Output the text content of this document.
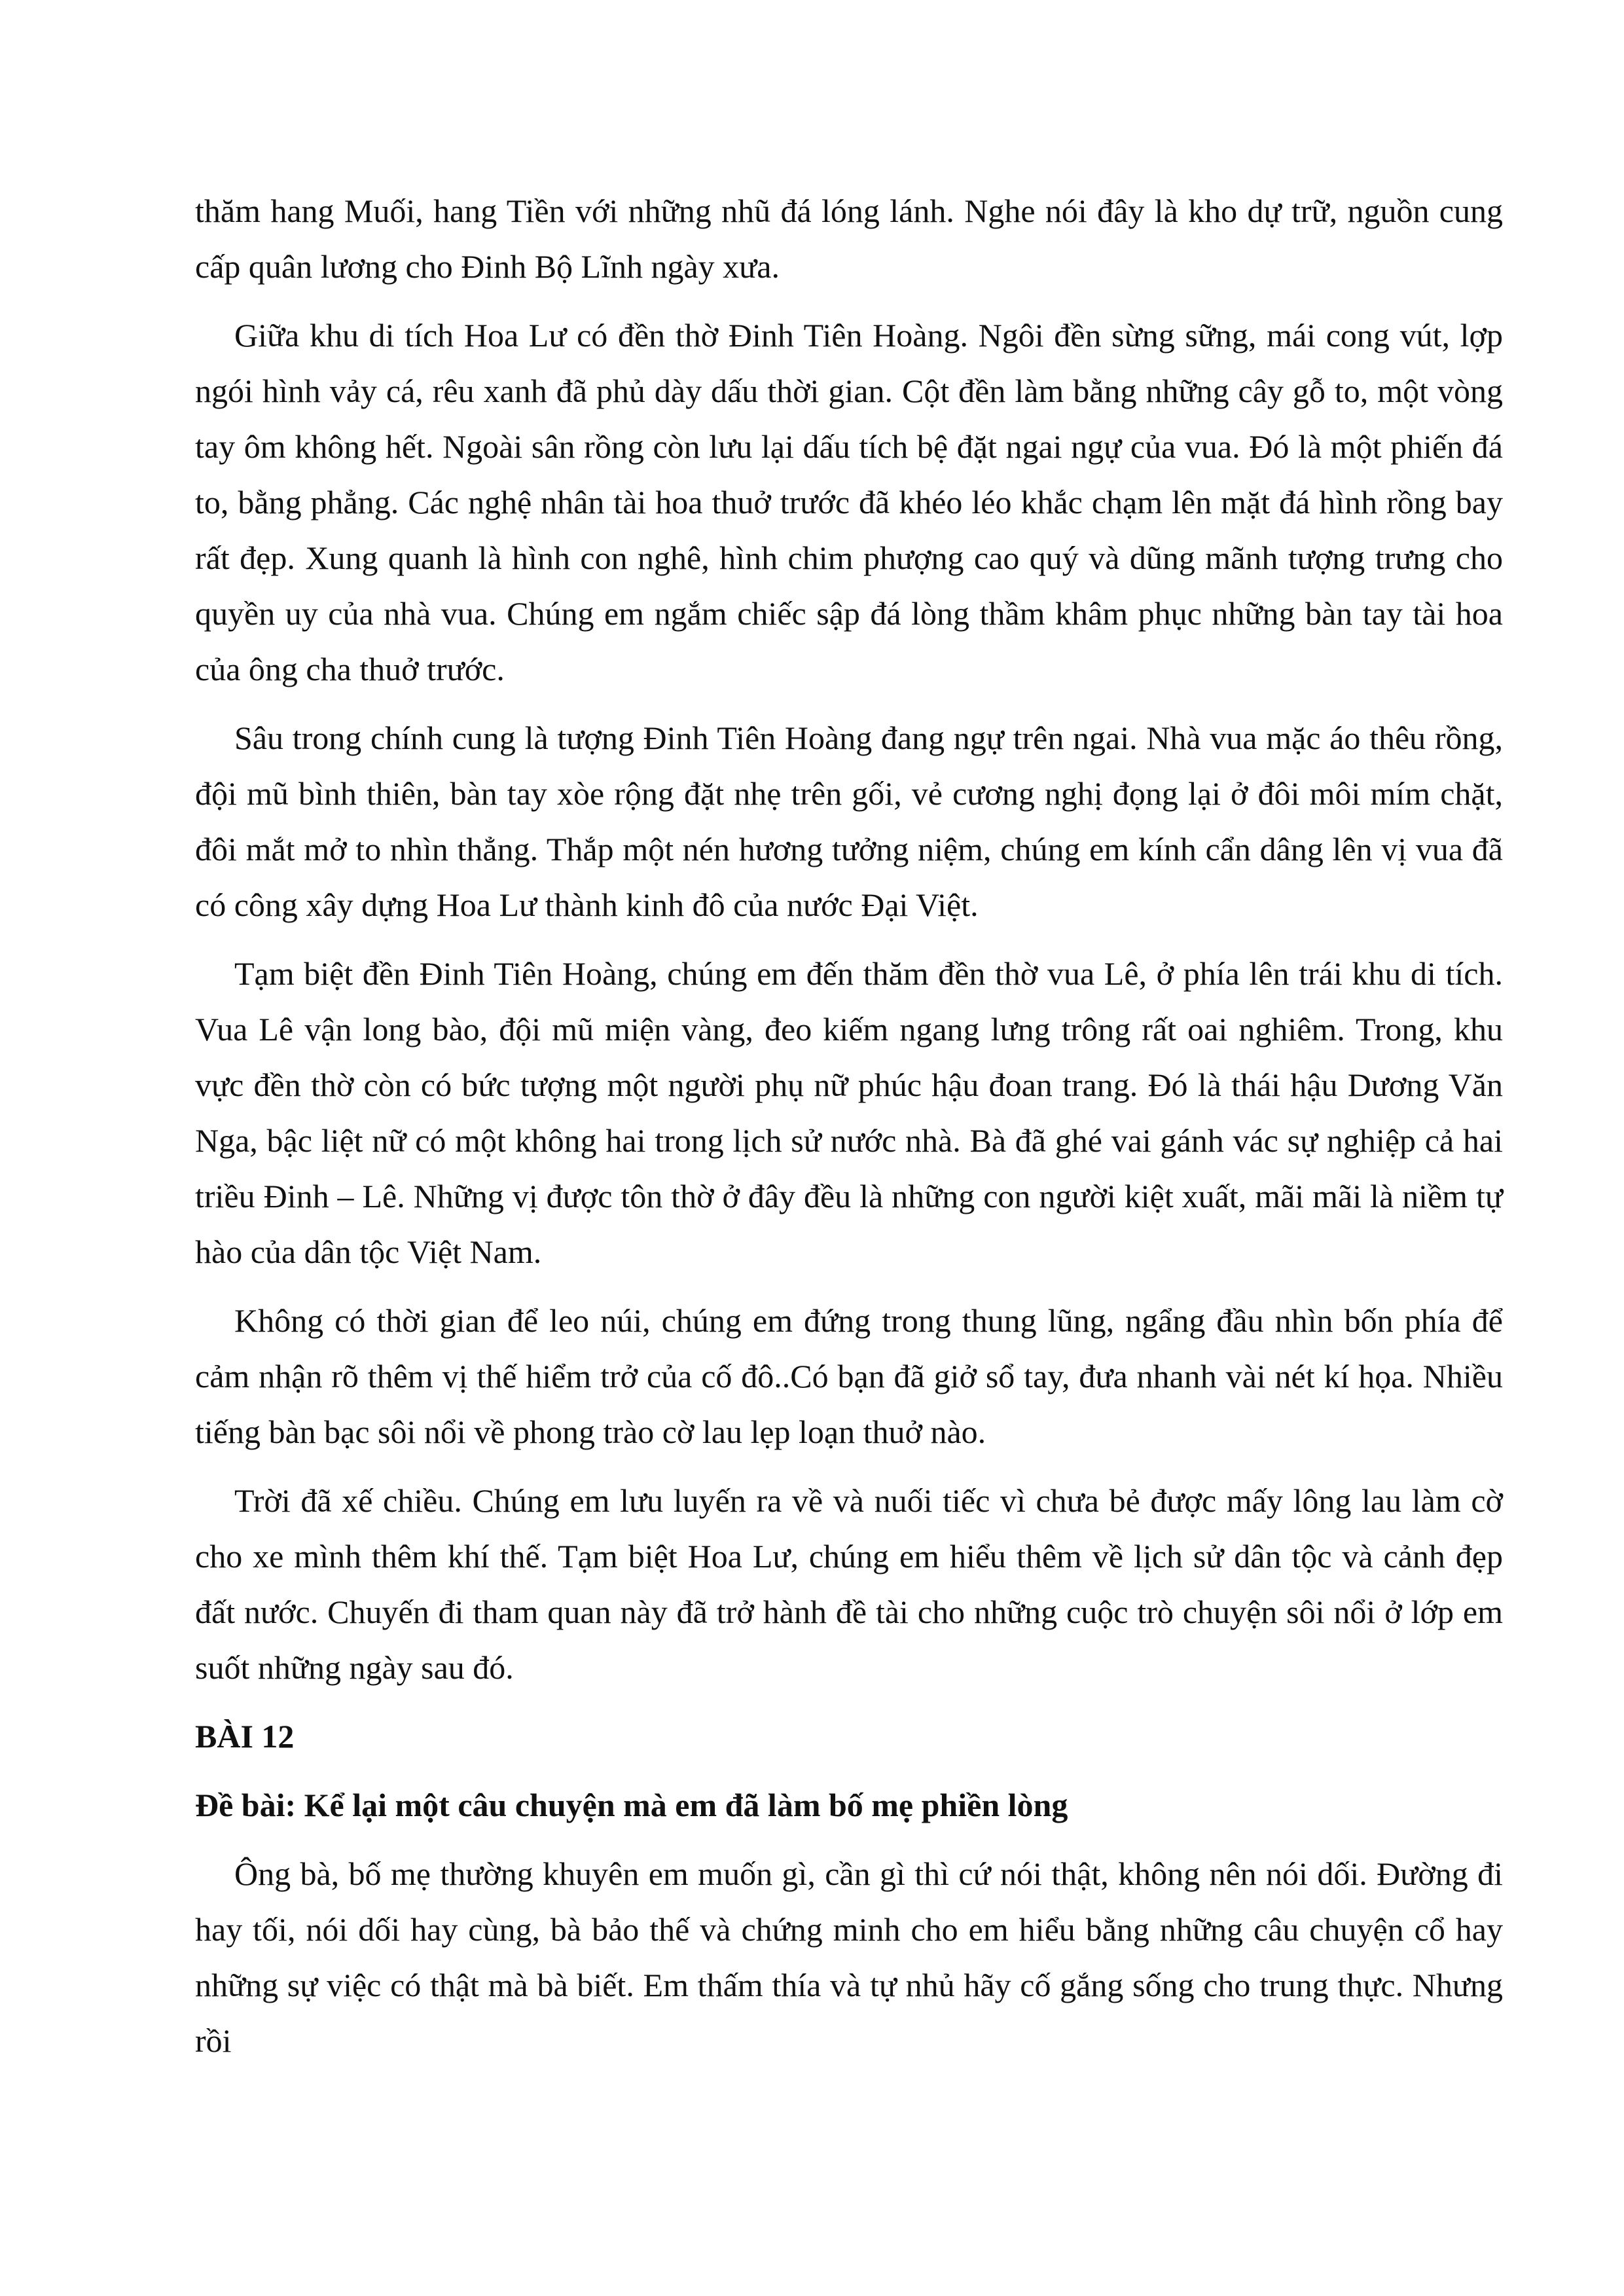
thăm hang Muối, hang Tiền với những nhũ đá lóng lánh. Nghe nói đây là kho dự trữ, nguồn cung cấp quân lương cho Đinh Bộ Lĩnh ngày xưa.

Giữa khu di tích Hoa Lư có đền thờ Đinh Tiên Hoàng. Ngôi đền sừng sững, mái cong vút, lợp ngói hình vảy cá, rêu xanh đã phủ dày dấu thời gian. Cột đền làm bằng những cây gỗ to, một vòng tay ôm không hết. Ngoài sân rồng còn lưu lại dấu tích bệ đặt ngai ngự của vua. Đó là một phiến đá to, bằng phẳng. Các nghệ nhân tài hoa thuở trước đã khéo léo khắc chạm lên mặt đá hình rồng bay rất đẹp. Xung quanh là hình con nghê, hình chim phượng cao quý và dũng mãnh tượng trưng cho quyền uy của nhà vua. Chúng em ngắm chiếc sập đá lòng thầm khâm phục những bàn tay tài hoa của ông cha thuở trước.

Sâu trong chính cung là tượng Đinh Tiên Hoàng đang ngự trên ngai. Nhà vua mặc áo thêu rồng, đội mũ bình thiên, bàn tay xòe rộng đặt nhẹ trên gối, vẻ cương nghị đọng lại ở đôi môi mím chặt, đôi mắt mở to nhìn thẳng. Thắp một nén hương tưởng niệm, chúng em kính cẩn dâng lên vị vua đã có công xây dựng Hoa Lư thành kinh đô của nước Đại Việt.

Tạm biệt đền Đinh Tiên Hoàng, chúng em đến thăm đền thờ vua Lê, ở phía lên trái khu di tích. Vua Lê vận long bào, đội mũ miện vàng, đeo kiếm ngang lưng trông rất oai nghiêm. Trong, khu vực đền thờ còn có bức tượng một người phụ nữ phúc hậu đoan trang. Đó là thái hậu Dương Văn Nga, bậc liệt nữ có một không hai trong lịch sử nước nhà. Bà đã ghé vai gánh vác sự nghiệp cả hai triều Đinh – Lê. Những vị được tôn thờ ở đây đều là những con người kiệt xuất, mãi mãi là niềm tự hào của dân tộc Việt Nam.

Không có thời gian để leo núi, chúng em đứng trong thung lũng, ngẩng đầu nhìn bốn phía để cảm nhận rõ thêm vị thế hiểm trở của cố đô..Có bạn đã giở sổ tay, đưa nhanh vài nét kí họa. Nhiều tiếng bàn bạc sôi nổi về phong trào cờ lau lẹp loạn thuở nào.

Trời đã xế chiều. Chúng em lưu luyến ra về và nuối tiếc vì chưa bẻ được mấy lông lau làm cờ cho xe mình thêm khí thế. Tạm biệt Hoa Lư, chúng em hiểu thêm về lịch sử dân tộc và cảnh đẹp đất nước. Chuyến đi tham quan này đã trở hành đề tài cho những cuộc trò chuyện sôi nổi ở lớp em suốt những ngày sau đó.

BÀI 12
Đề bài: Kể lại một câu chuyện mà em đã làm bố mẹ phiền lòng

Ông bà, bố mẹ thường khuyên em muốn gì, cần gì thì cứ nói thật, không nên nói dối. Đường đi hay tối, nói dối hay cùng, bà bảo thế và chứng minh cho em hiểu bằng những câu chuyện cổ hay những sự việc có thật mà bà biết. Em thấm thía và tự nhủ hãy cố gắng sống cho trung thực. Nhưng rồi
